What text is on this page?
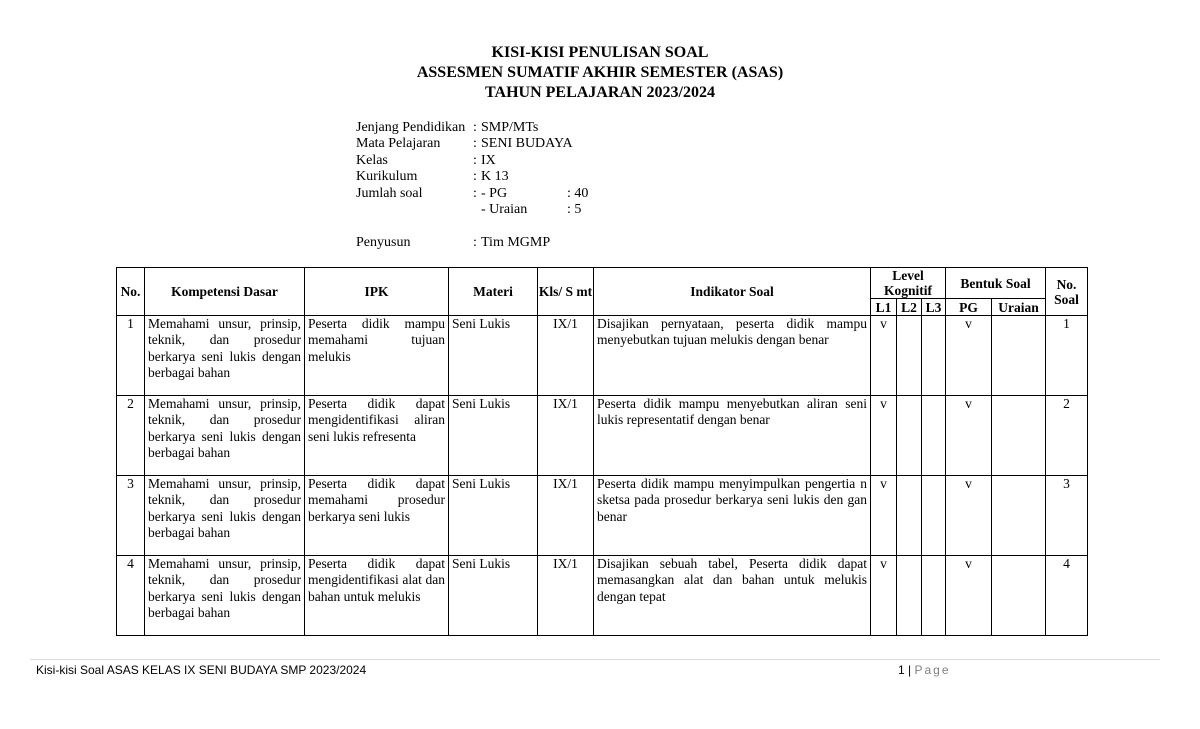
KISI-KISI PENULISAN SOAL
ASSESMEN SUMATIF AKHIR SEMESTER (ASAS)
TAHUN PELAJARAN 2023/2024
Jenjang Pendidikan : SMP/MTs
Mata Pelajaran : SENI BUDAYA
Kelas	: IX
Kurikulum	: K 13
Jumlah soal	: - PG	: 40
- Uraian	: 5
Penyusun	: Tim MGMP
No.	Kompetensi Dasar	IPK	Materi	Kls/ S mt	Indikator Soal	Level Kognitif			Bentuk Soal		No. Soal
						L1	L2	L3	PG	Uraian	
1	Memahami unsur, prinsip, teknik, dan prosedur berkarya seni lukis dengan berbagai bahan	Peserta didik mampu memahami tujuan melukis	Seni Lukis	IX/1	Disajikan pernyataan, peserta didik mampu menyebutkan tujuan melukis dengan benar	v			v		1
2	Memahami unsur, prinsip, teknik, dan prosedur berkarya seni lukis dengan berbagai bahan	Peserta didik dapat mengidentifikasi aliran seni lukis refresenta	Seni Lukis	IX/1	Peserta didik mampu menyebutkan aliran seni lukis representatif dengan benar	v			v		2
3	Memahami unsur, prinsip, teknik, dan prosedur berkarya seni lukis dengan berbagai bahan	Peserta didik dapat memahami prosedur berkarya seni lukis	Seni Lukis	IX/1	Peserta didik mampu menyimpulkan pengertia n sketsa pada prosedur berkarya seni lukis den gan benar	v			v		3
4	Memahami unsur, prinsip, teknik, dan prosedur berkarya seni lukis dengan berbagai bahan	Peserta didik dapat mengidentifikasi alat dan bahan untuk melukis	Seni Lukis	IX/1	Disajikan sebuah tabel, Peserta didik dapat memasangkan alat dan bahan untuk melukis dengan tepat	v			v		4
Kisi-kisi Soal ASAS KELAS IX SENI BUDAYA SMP 2023/2024	1 | Page
